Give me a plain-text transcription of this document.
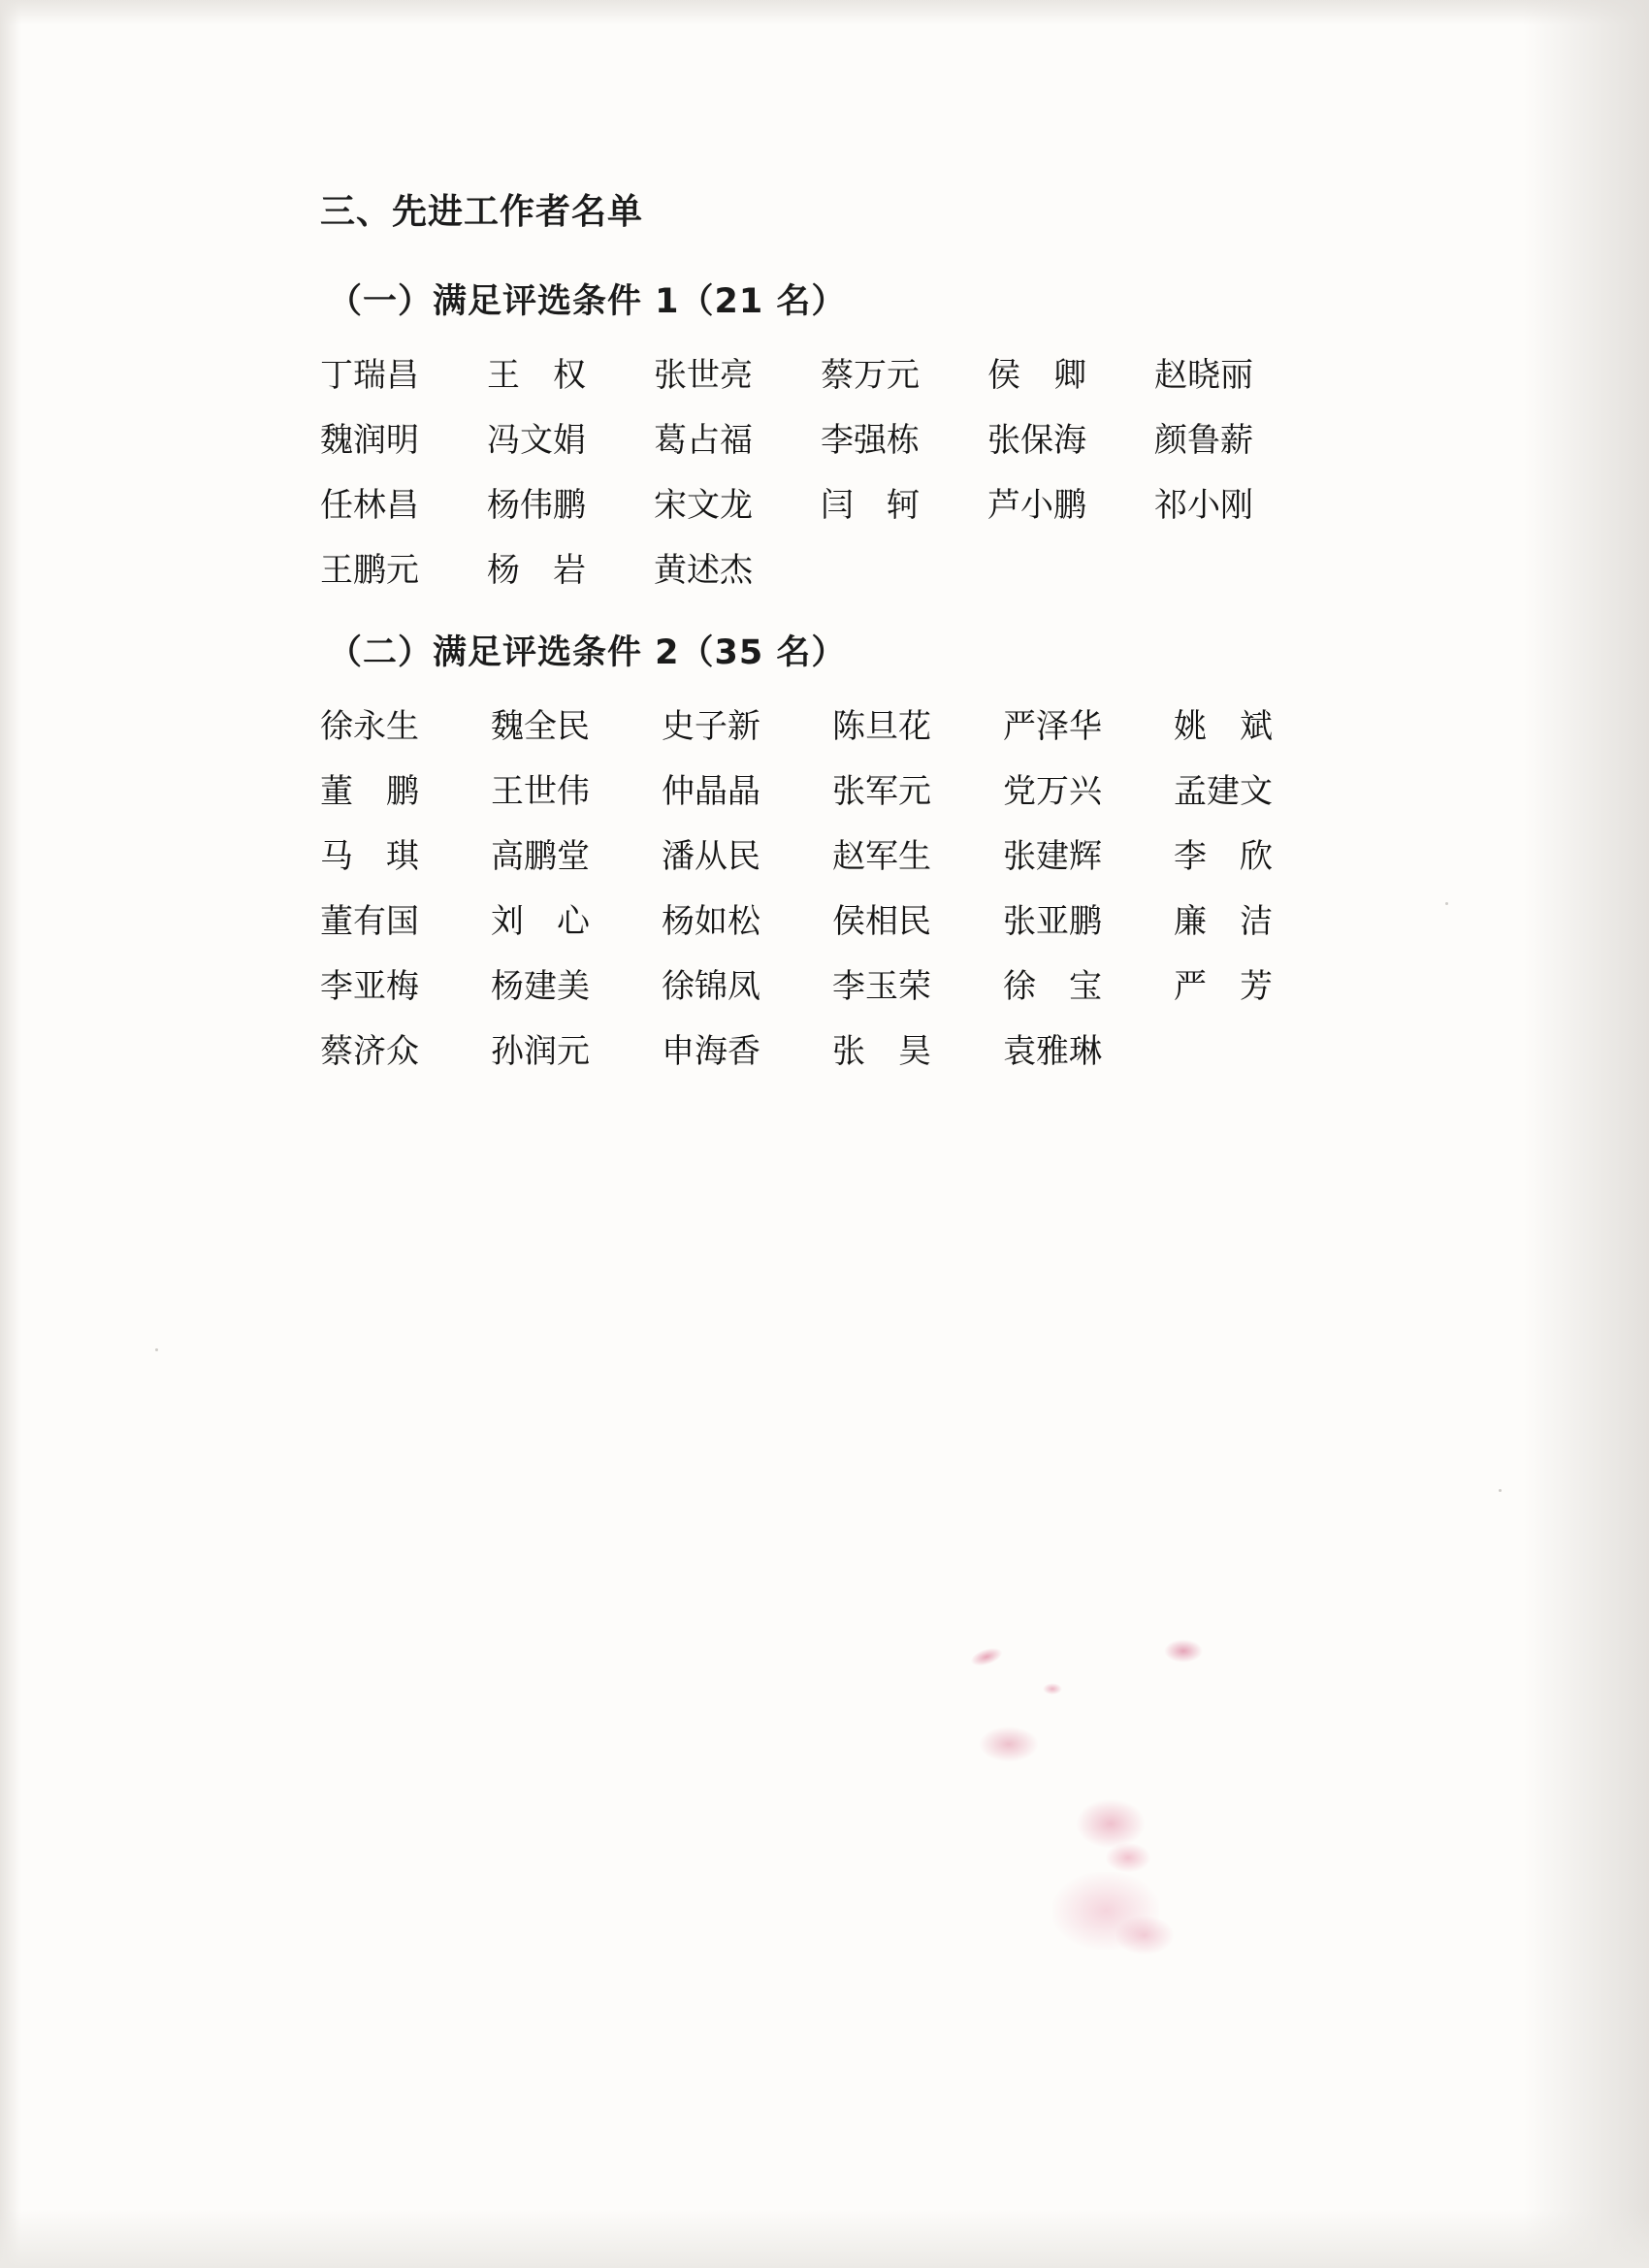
三、先进工作者名单
（一）满足评选条件 1（21 名）
丁瑞昌	王　权	张世亮	蔡万元	侯　卿	赵晓丽
魏润明	冯文娟	葛占福	李强栋	张保海	颜鲁薪
任林昌	杨伟鹏	宋文龙	闫　轲	芦小鹏	祁小刚
王鹏元	杨　岩	黄述杰
（二）满足评选条件 2（35 名）
徐永生	魏全民	史子新	陈旦花	严泽华	姚　斌
董　鹏	王世伟	仲晶晶	张军元	党万兴	孟建文
马　琪	高鹏堂	潘从民	赵军生	张建辉	李　欣
董有国	刘　心	杨如松	侯相民	张亚鹏	廉　洁
李亚梅	杨建美	徐锦凤	李玉荣	徐　宝	严　芳
蔡济众	孙润元	申海香	张　昊	袁雅琳
